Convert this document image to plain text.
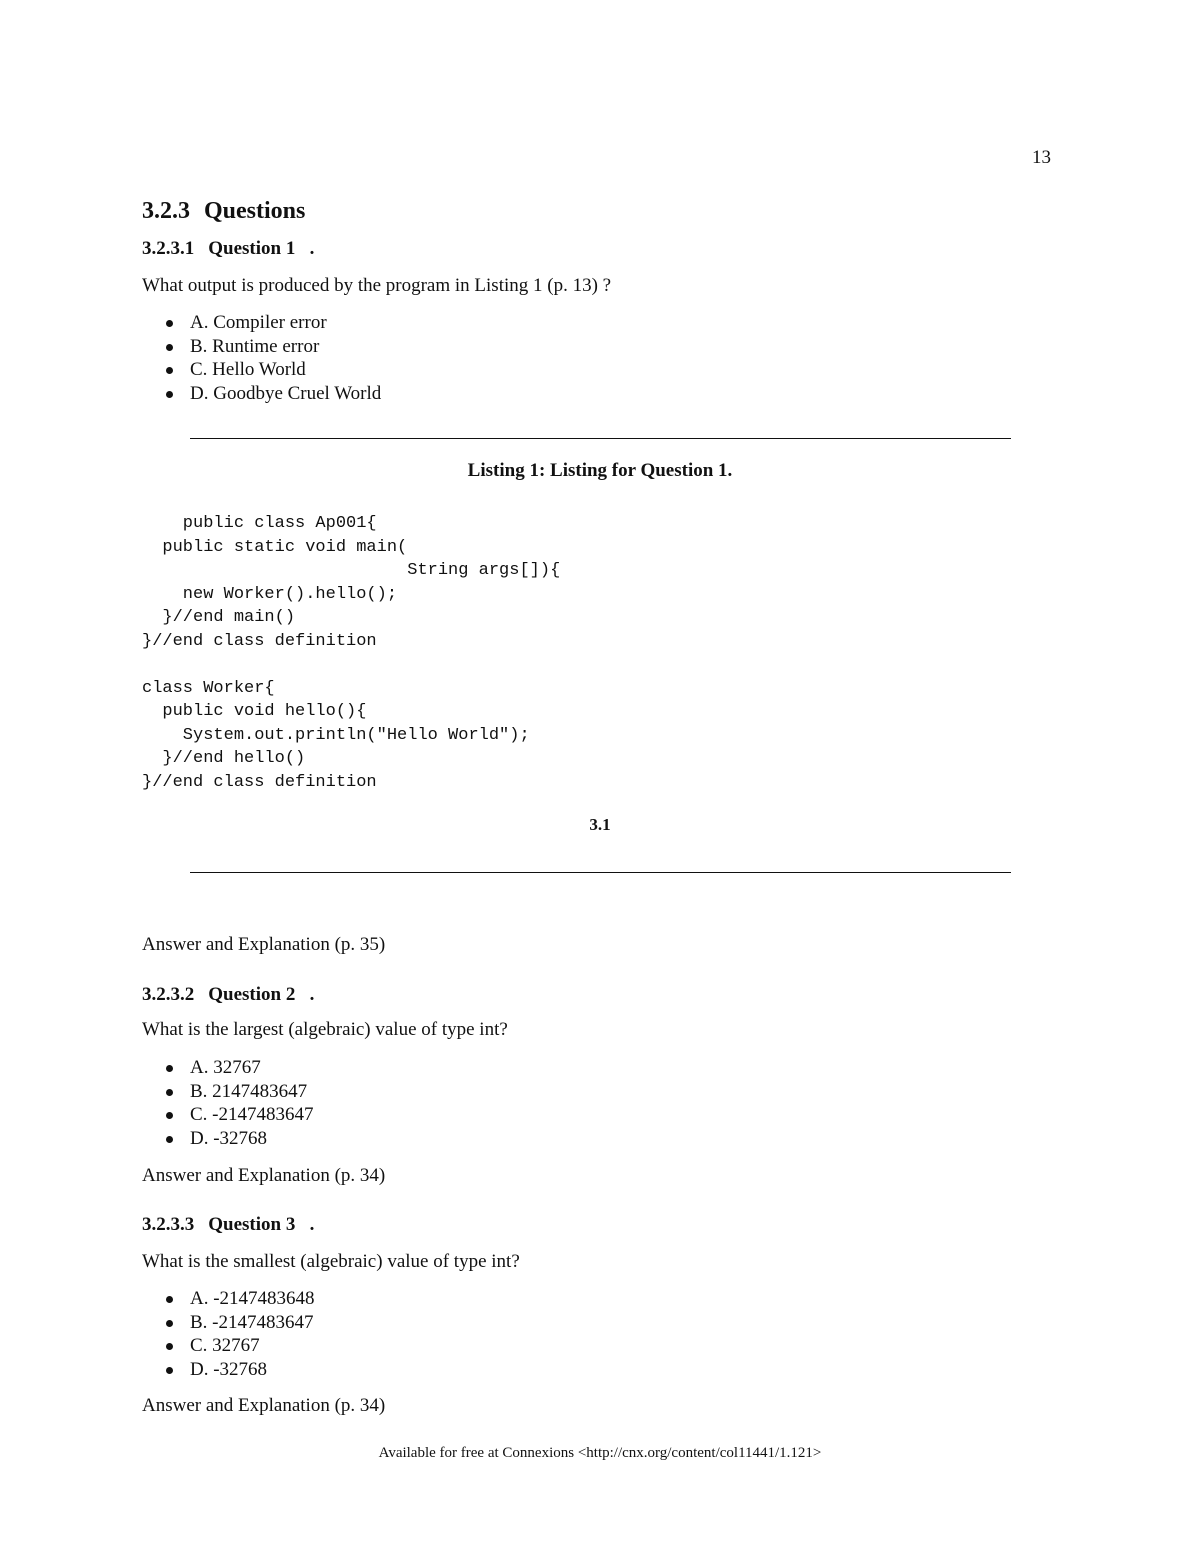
13
3.2.3 Questions
3.2.3.1 Question 1 .
What output is produced by the program in Listing 1 (p. 13) ?
A. Compiler error
B. Runtime error
C. Hello World
D. Goodbye Cruel World
Listing 1: Listing for Question 1.
public class Ap001{
public static void main(
String args[]){
new Worker().hello();
}//end main()
}//end class definition

class Worker{
public void hello(){
System.out.println("Hello World");
}//end hello()
}//end class definition
3.1
Answer and Explanation (p. 35)
3.2.3.2 Question 2 .
What is the largest (algebraic) value of type int?
A. 32767
B. 2147483647
C. -2147483647
D. -32768
Answer and Explanation (p. 34)
3.2.3.3 Question 3 .
What is the smallest (algebraic) value of type int?
A. -2147483648
B. -2147483647
C. 32767
D. -32768
Answer and Explanation (p. 34)
Available for free at Connexions <http://cnx.org/content/col11441/1.121>
